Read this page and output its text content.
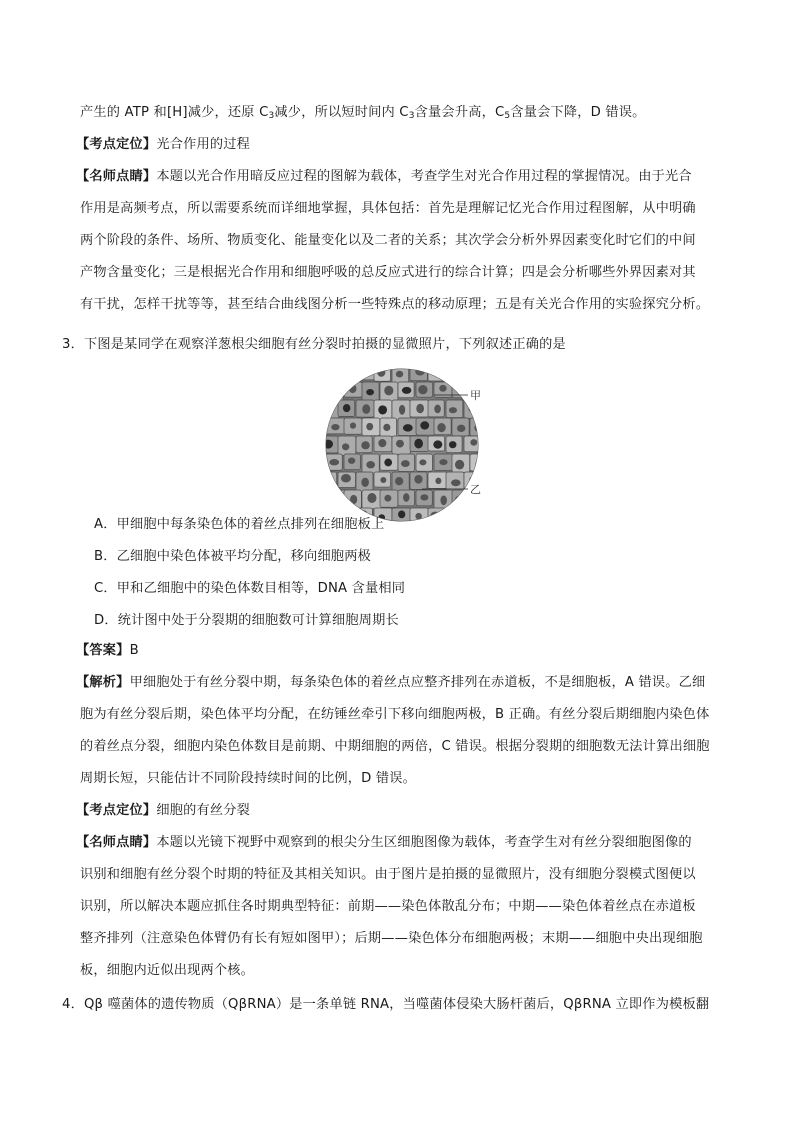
产生的 ATP 和[H]减少，还原 $C_3$减少，所以短时间内 $C_3$含量会升高，$C_5$含量会下降，D 错误。
【考点定位】光合作用的过程
【名师点睛】本题以光合作用暗反应过程的图解为载体，考查学生对光合作用过程的掌握情况。由于光合
作用是高频考点，所以需要系统而详细地掌握，具体包括：首先是理解记忆光合作用过程图解，从中明确
两个阶段的条件、场所、物质变化、能量变化以及二者的关系；其次学会分析外界因素变化时它们的中间
产物含量变化；三是根据光合作用和细胞呼吸的总反应式进行的综合计算；四是会分析哪些外界因素对其
有干扰，怎样干扰等等，甚至结合曲线图分析一些特殊点的移动原理；五是有关光合作用的实验探究分析。
3．下图是某同学在观察洋葱根尖细胞有丝分裂时拍摄的显微照片，下列叙述正确的是
甲
乙
A．甲细胞中每条染色体的着丝点排列在细胞板上
B．乙细胞中染色体被平均分配，移向细胞两极
C．甲和乙细胞中的染色体数目相等，DNA 含量相同
D．统计图中处于分裂期的细胞数可计算细胞周期长
【答案】B
【解析】甲细胞处于有丝分裂中期，每条染色体的着丝点应整齐排列在赤道板，不是细胞板，A 错误。乙细
胞为有丝分裂后期，染色体平均分配，在纺锤丝牵引下移向细胞两极，B 正确。有丝分裂后期细胞内染色体
的着丝点分裂，细胞内染色体数目是前期、中期细胞的两倍，C 错误。根据分裂期的细胞数无法计算出细胞
周期长短，只能估计不同阶段持续时间的比例，D 错误。
【考点定位】细胞的有丝分裂
【名师点睛】本题以光镜下视野中观察到的根尖分生区细胞图像为载体，考查学生对有丝分裂细胞图像的
识别和细胞有丝分裂个时期的特征及其相关知识。由于图片是拍摄的显微照片，没有细胞分裂模式图便以
识别，所以解决本题应抓住各时期典型特征：前期——染色体散乱分布；中期——染色体着丝点在赤道板
整齐排列（注意染色体臂仍有长有短如图甲）；后期——染色体分布细胞两极；末期——细胞中央出现细胞
板，细胞内近似出现两个核。
4．Qβ 噬菌体的遗传物质（QβRNA）是一条单链 RNA，当噬菌体侵染大肠杆菌后，QβRNA 立即作为模板翻
